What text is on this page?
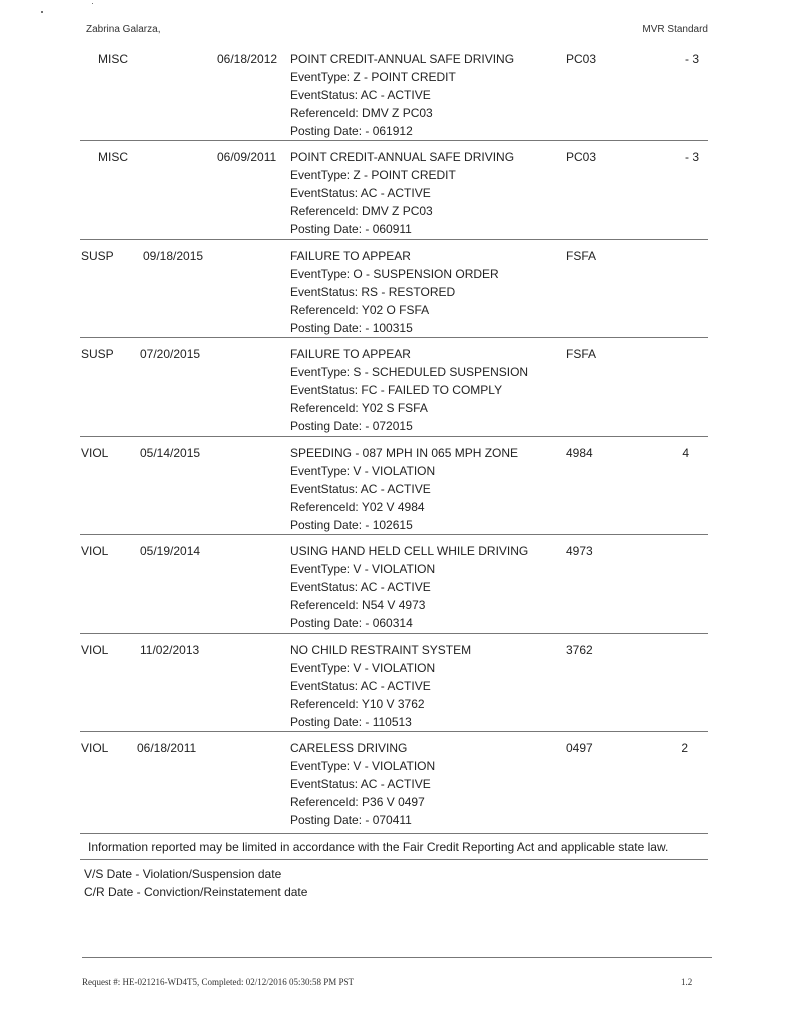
Zabrina Galarza,	MVR Standard
MISC	06/18/2012 POINT CREDIT-ANNUAL SAFE DRIVING
EventType: Z - POINT CREDIT
EventStatus: AC - ACTIVE
ReferenceId: DMV Z PC03
Posting Date: - 061912
PC03	- 3
MISC	06/09/2011 POINT CREDIT-ANNUAL SAFE DRIVING
EventType: Z - POINT CREDIT
EventStatus: AC - ACTIVE
ReferenceId: DMV Z PC03
Posting Date: - 060911
PC03	- 3
SUSP 09/18/2015	FAILURE TO APPEAR
EventType: O - SUSPENSION ORDER
EventStatus: RS - RESTORED
ReferenceId: Y02 O FSFA
Posting Date: - 100315
FSFA
SUSP 07/20/2015	FAILURE TO APPEAR
EventType: S - SCHEDULED SUSPENSION
EventStatus: FC - FAILED TO COMPLY
ReferenceId: Y02 S FSFA
Posting Date: - 072015
FSFA
VIOL	05/14/2015	SPEEDING - 087 MPH IN 065 MPH ZONE
EventType: V - VIOLATION
EventStatus: AC - ACTIVE
ReferenceId: Y02 V 4984
Posting Date: - 102615
4984	4
VIOL	05/19/2014	USING HAND HELD CELL WHILE DRIVING
EventType: V - VIOLATION
EventStatus: AC - ACTIVE
ReferenceId: N54 V 4973
Posting Date: - 060314
4973
VIOL	11/02/2013	NO CHILD RESTRAINT SYSTEM
EventType: V - VIOLATION
EventStatus: AC - ACTIVE
ReferenceId: Y10 V 3762
Posting Date: - 110513
3762
VIOL 06/18/2011	CARELESS DRIVING
EventType: V - VIOLATION
EventStatus: AC - ACTIVE
ReferenceId: P36 V 0497
Posting Date: - 070411
0497	2
Information reported may be limited in accordance with the Fair Credit Reporting Act and applicable state law.
V/S Date - Violation/Suspension date
C/R Date - Conviction/Reinstatement date
Request #: HE-021216-WD4T5, Completed: 02/12/2016 05:30:58 PM PST	1.2
